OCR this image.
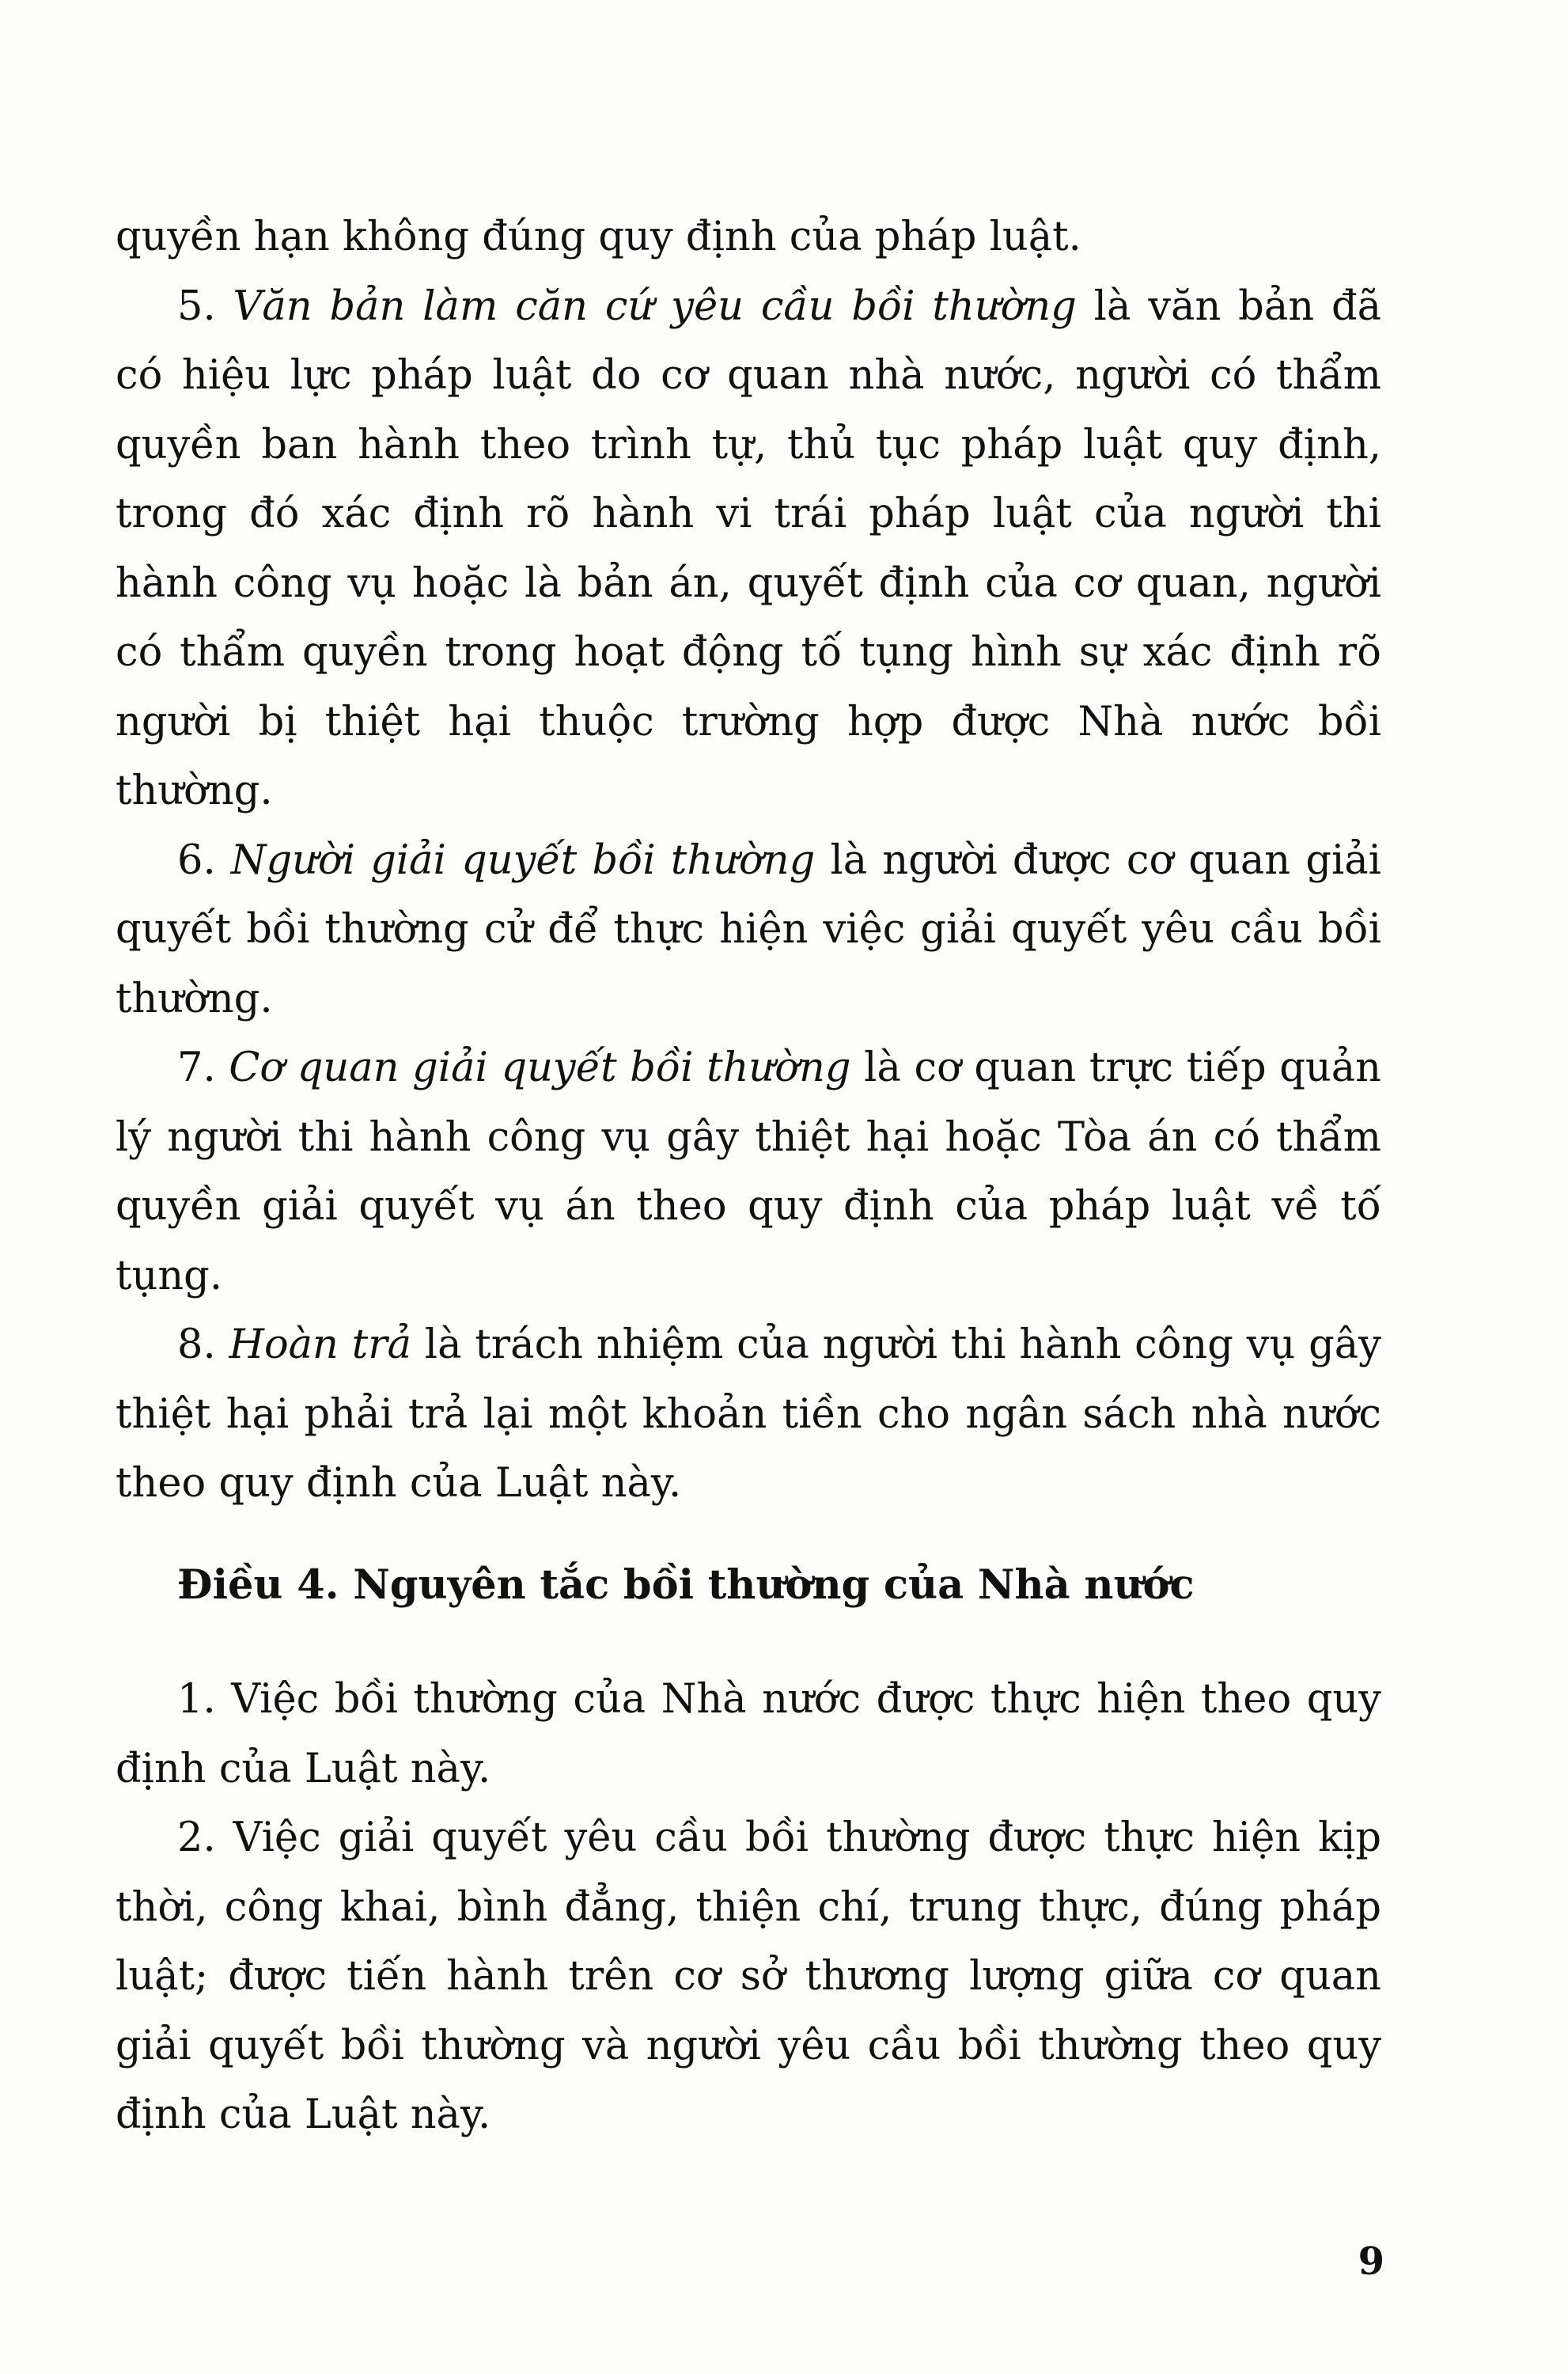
quyền hạn không đúng quy định của pháp luật.

5. Văn bản làm căn cứ yêu cầu bồi thường là văn bản đã có hiệu lực pháp luật do cơ quan nhà nước, người có thẩm quyền ban hành theo trình tự, thủ tục pháp luật quy định, trong đó xác định rõ hành vi trái pháp luật của người thi hành công vụ hoặc là bản án, quyết định của cơ quan, người có thẩm quyền trong hoạt động tố tụng hình sự xác định rõ người bị thiệt hại thuộc trường hợp được Nhà nước bồi thường.

6. Người giải quyết bồi thường là người được cơ quan giải quyết bồi thường cử để thực hiện việc giải quyết yêu cầu bồi thường.

7. Cơ quan giải quyết bồi thường là cơ quan trực tiếp quản lý người thi hành công vụ gây thiệt hại hoặc Tòa án có thẩm quyền giải quyết vụ án theo quy định của pháp luật về tố tụng.

8. Hoàn trả là trách nhiệm của người thi hành công vụ gây thiệt hại phải trả lại một khoản tiền cho ngân sách nhà nước theo quy định của Luật này.

Điều 4. Nguyên tắc bồi thường của Nhà nước

1. Việc bồi thường của Nhà nước được thực hiện theo quy định của Luật này.

2. Việc giải quyết yêu cầu bồi thường được thực hiện kịp thời, công khai, bình đẳng, thiện chí, trung thực, đúng pháp luật; được tiến hành trên cơ sở thương lượng giữa cơ quan giải quyết bồi thường và người yêu cầu bồi thường theo quy định của Luật này.

9
